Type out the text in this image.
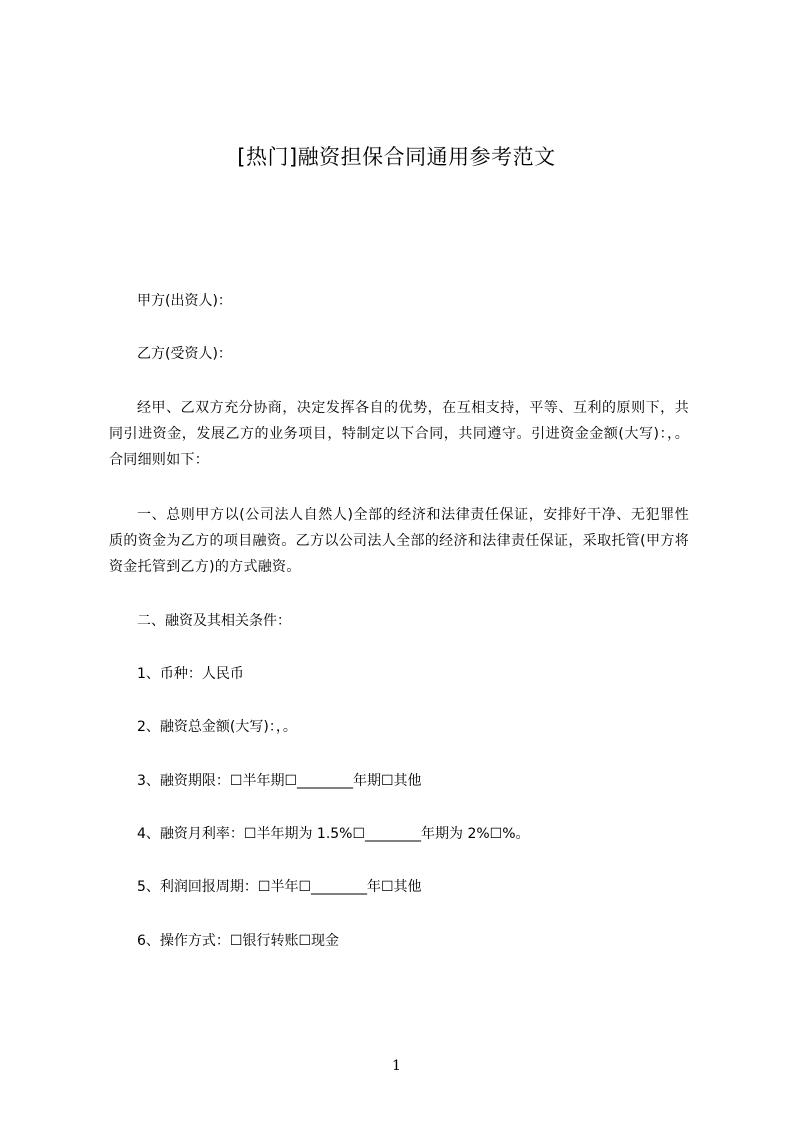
[热门]融资担保合同通用参考范文
甲方(出资人)：
乙方(受资人)：
经甲、乙双方充分协商，决定发挥各自的优势，在互相支持，平等、互利的原则下，共同引进资金，发展乙方的业务项目，特制定以下合同，共同遵守。引进资金金额(大写)：，。合同细则如下：
一、总则甲方以(公司法人自然人)全部的经济和法律责任保证，安排好干净、无犯罪性质的资金为乙方的项目融资。乙方以公司法人全部的经济和法律责任保证，采取托管(甲方将资金托管到乙方)的方式融资。
二、融资及其相关条件：
1、币种：人民币
2、融资总金额(大写)：，。
3、融资期限：☐半年期☐________年期☐其他
4、融资月利率：☐半年期为 1.5%☐________年期为 2%☐%。
5、利润回报周期：☐半年☐________年☐其他
6、操作方式：☐银行转账☐现金
1
